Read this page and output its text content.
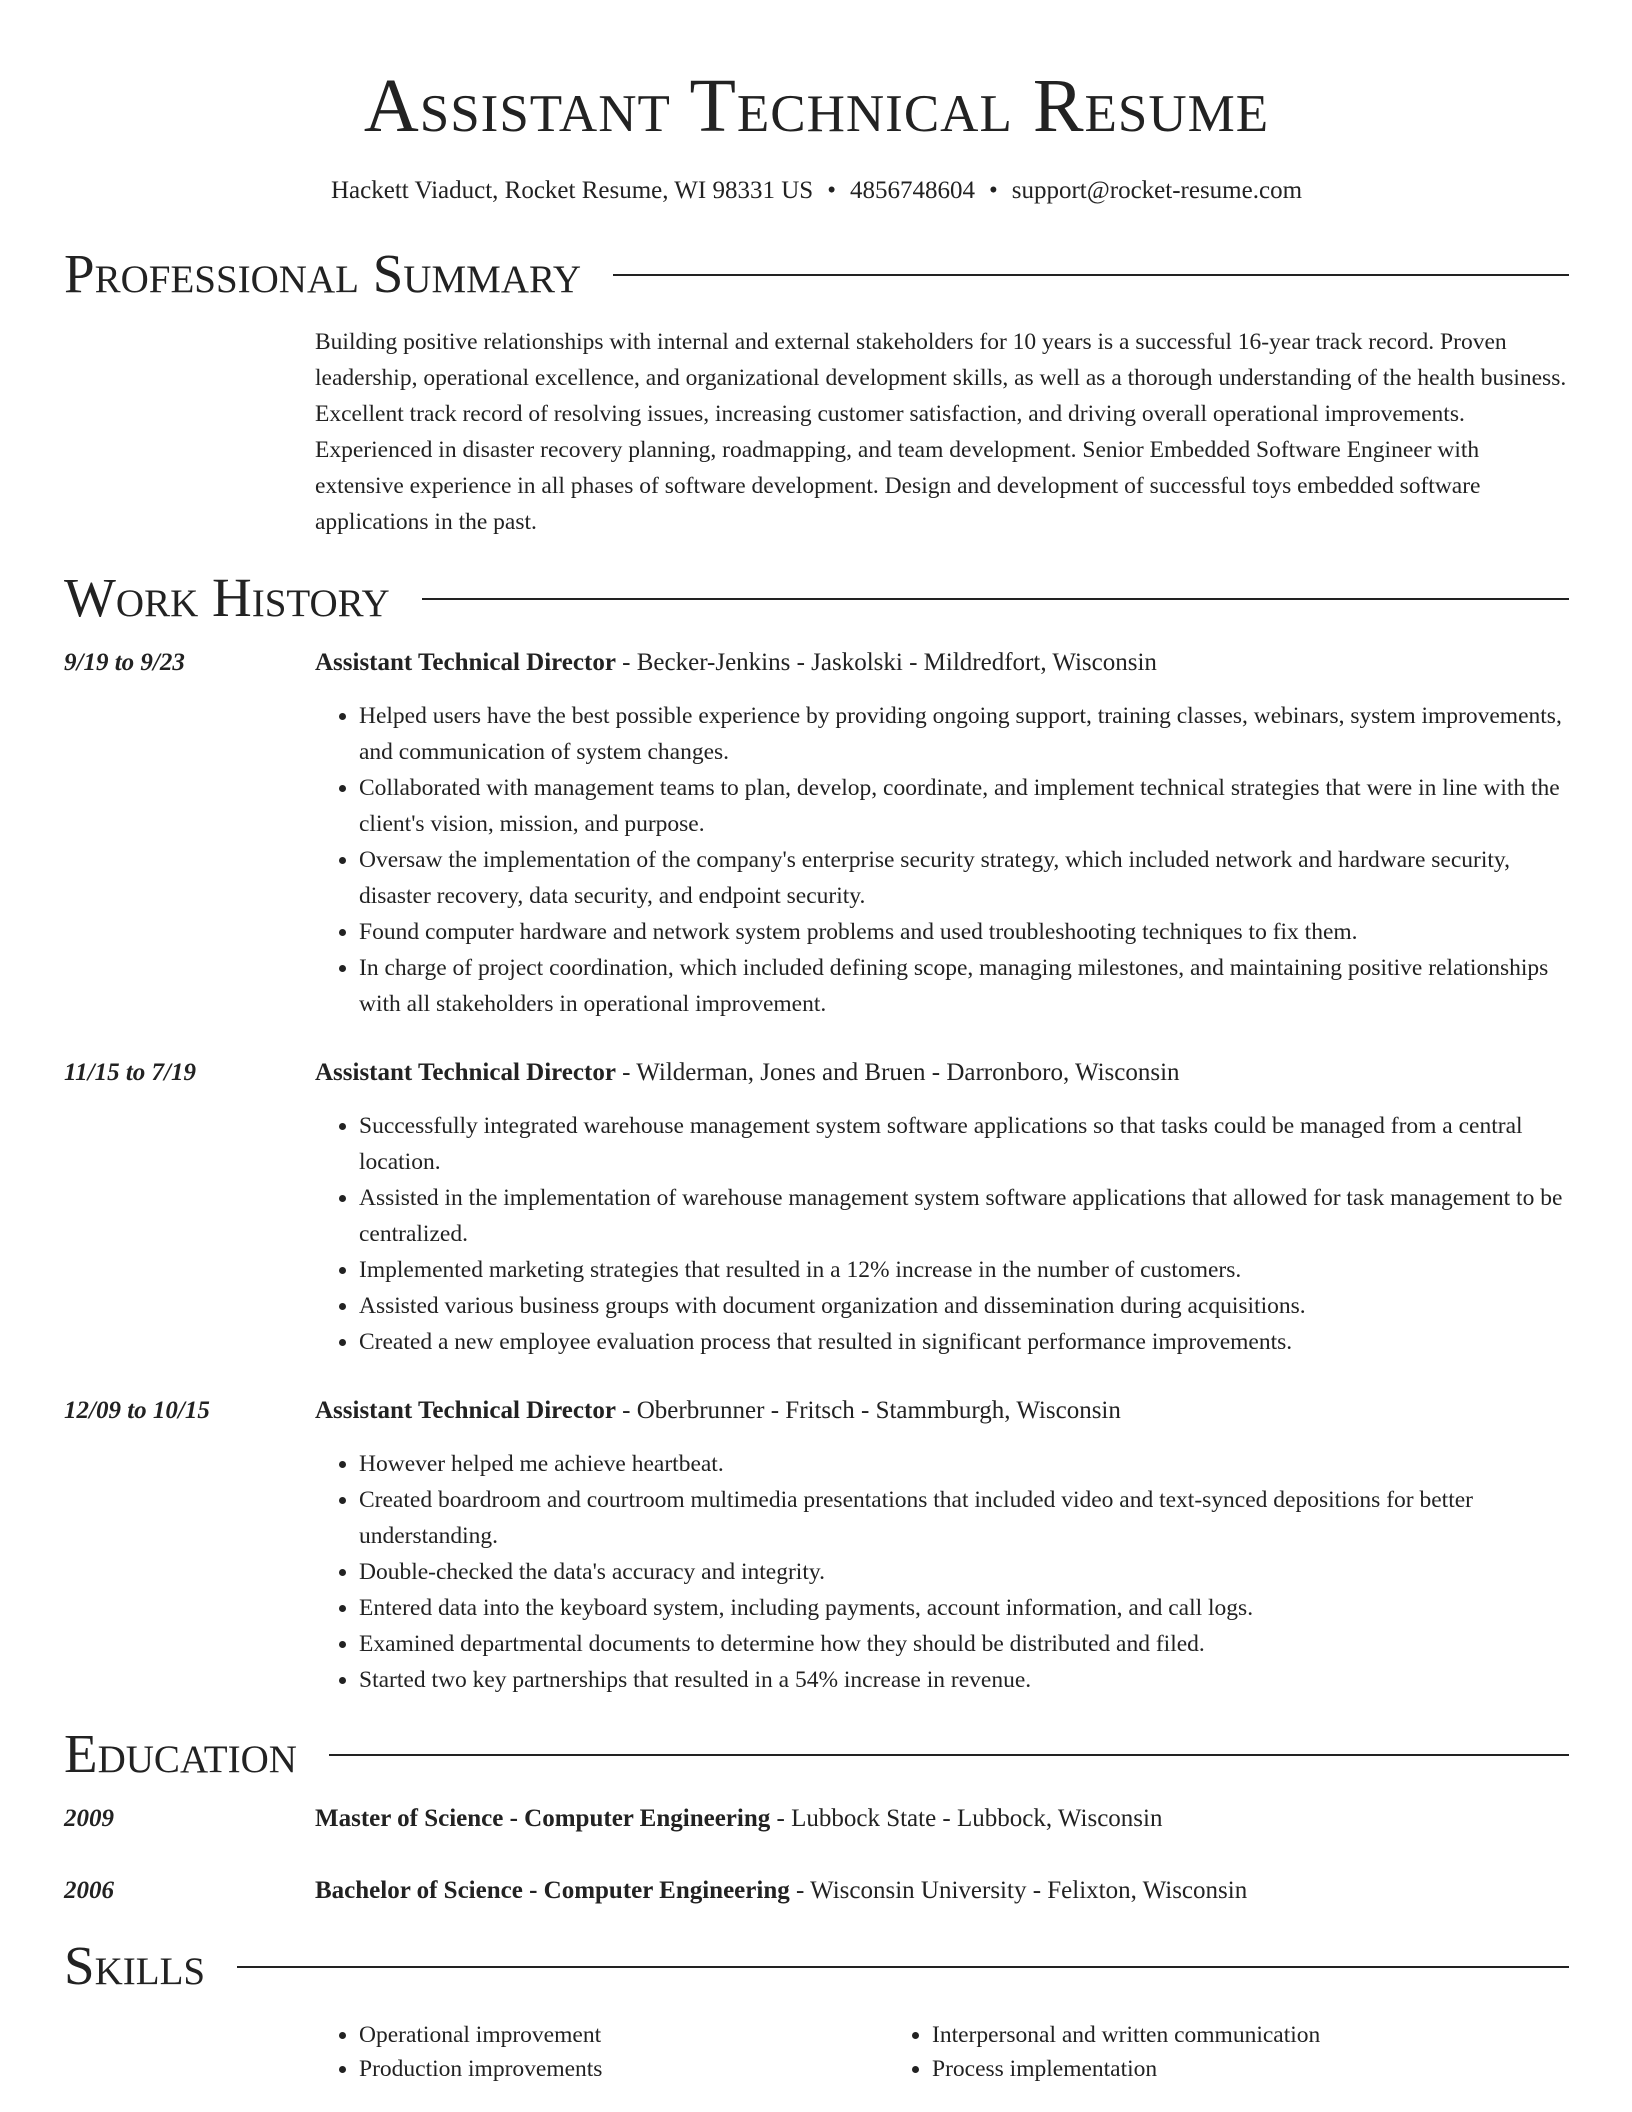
Assistant Technical Resume
Hackett Viaduct, Rocket Resume, WI 98331 US • 4856748604 • support@rocket-resume.com
Professional Summary
Building positive relationships with internal and external stakeholders for 10 years is a successful 16-year track record. Proven leadership, operational excellence, and organizational development skills, as well as a thorough understanding of the health business. Excellent track record of resolving issues, increasing customer satisfaction, and driving overall operational improvements. Experienced in disaster recovery planning, roadmapping, and team development. Senior Embedded Software Engineer with extensive experience in all phases of software development. Design and development of successful toys embedded software applications in the past.
Work History
9/19 to 9/23	Assistant Technical Director - Becker-Jenkins - Jaskolski - Mildredfort, Wisconsin
• Helped users have the best possible experience by providing ongoing support, training classes, webinars, system improvements, and communication of system changes.
• Collaborated with management teams to plan, develop, coordinate, and implement technical strategies that were in line with the client's vision, mission, and purpose.
• Oversaw the implementation of the company's enterprise security strategy, which included network and hardware security, disaster recovery, data security, and endpoint security.
• Found computer hardware and network system problems and used troubleshooting techniques to fix them.
• In charge of project coordination, which included defining scope, managing milestones, and maintaining positive relationships with all stakeholders in operational improvement.
11/15 to 7/19	Assistant Technical Director - Wilderman, Jones and Bruen - Darronboro, Wisconsin
• Successfully integrated warehouse management system software applications so that tasks could be managed from a central location.
• Assisted in the implementation of warehouse management system software applications that allowed for task management to be centralized.
• Implemented marketing strategies that resulted in a 12% increase in the number of customers.
• Assisted various business groups with document organization and dissemination during acquisitions.
• Created a new employee evaluation process that resulted in significant performance improvements.
12/09 to 10/15	Assistant Technical Director - Oberbrunner - Fritsch - Stammburgh, Wisconsin
• However helped me achieve heartbeat.
• Created boardroom and courtroom multimedia presentations that included video and text-synced depositions for better understanding.
• Double-checked the data's accuracy and integrity.
• Entered data into the keyboard system, including payments, account information, and call logs.
• Examined departmental documents to determine how they should be distributed and filed.
• Started two key partnerships that resulted in a 54% increase in revenue.
Education
2009	Master of Science - Computer Engineering - Lubbock State - Lubbock, Wisconsin
2006	Bachelor of Science - Computer Engineering - Wisconsin University - Felixton, Wisconsin
Skills
• Operational improvement
• Production improvements
• Interpersonal and written communication
• Process implementation
